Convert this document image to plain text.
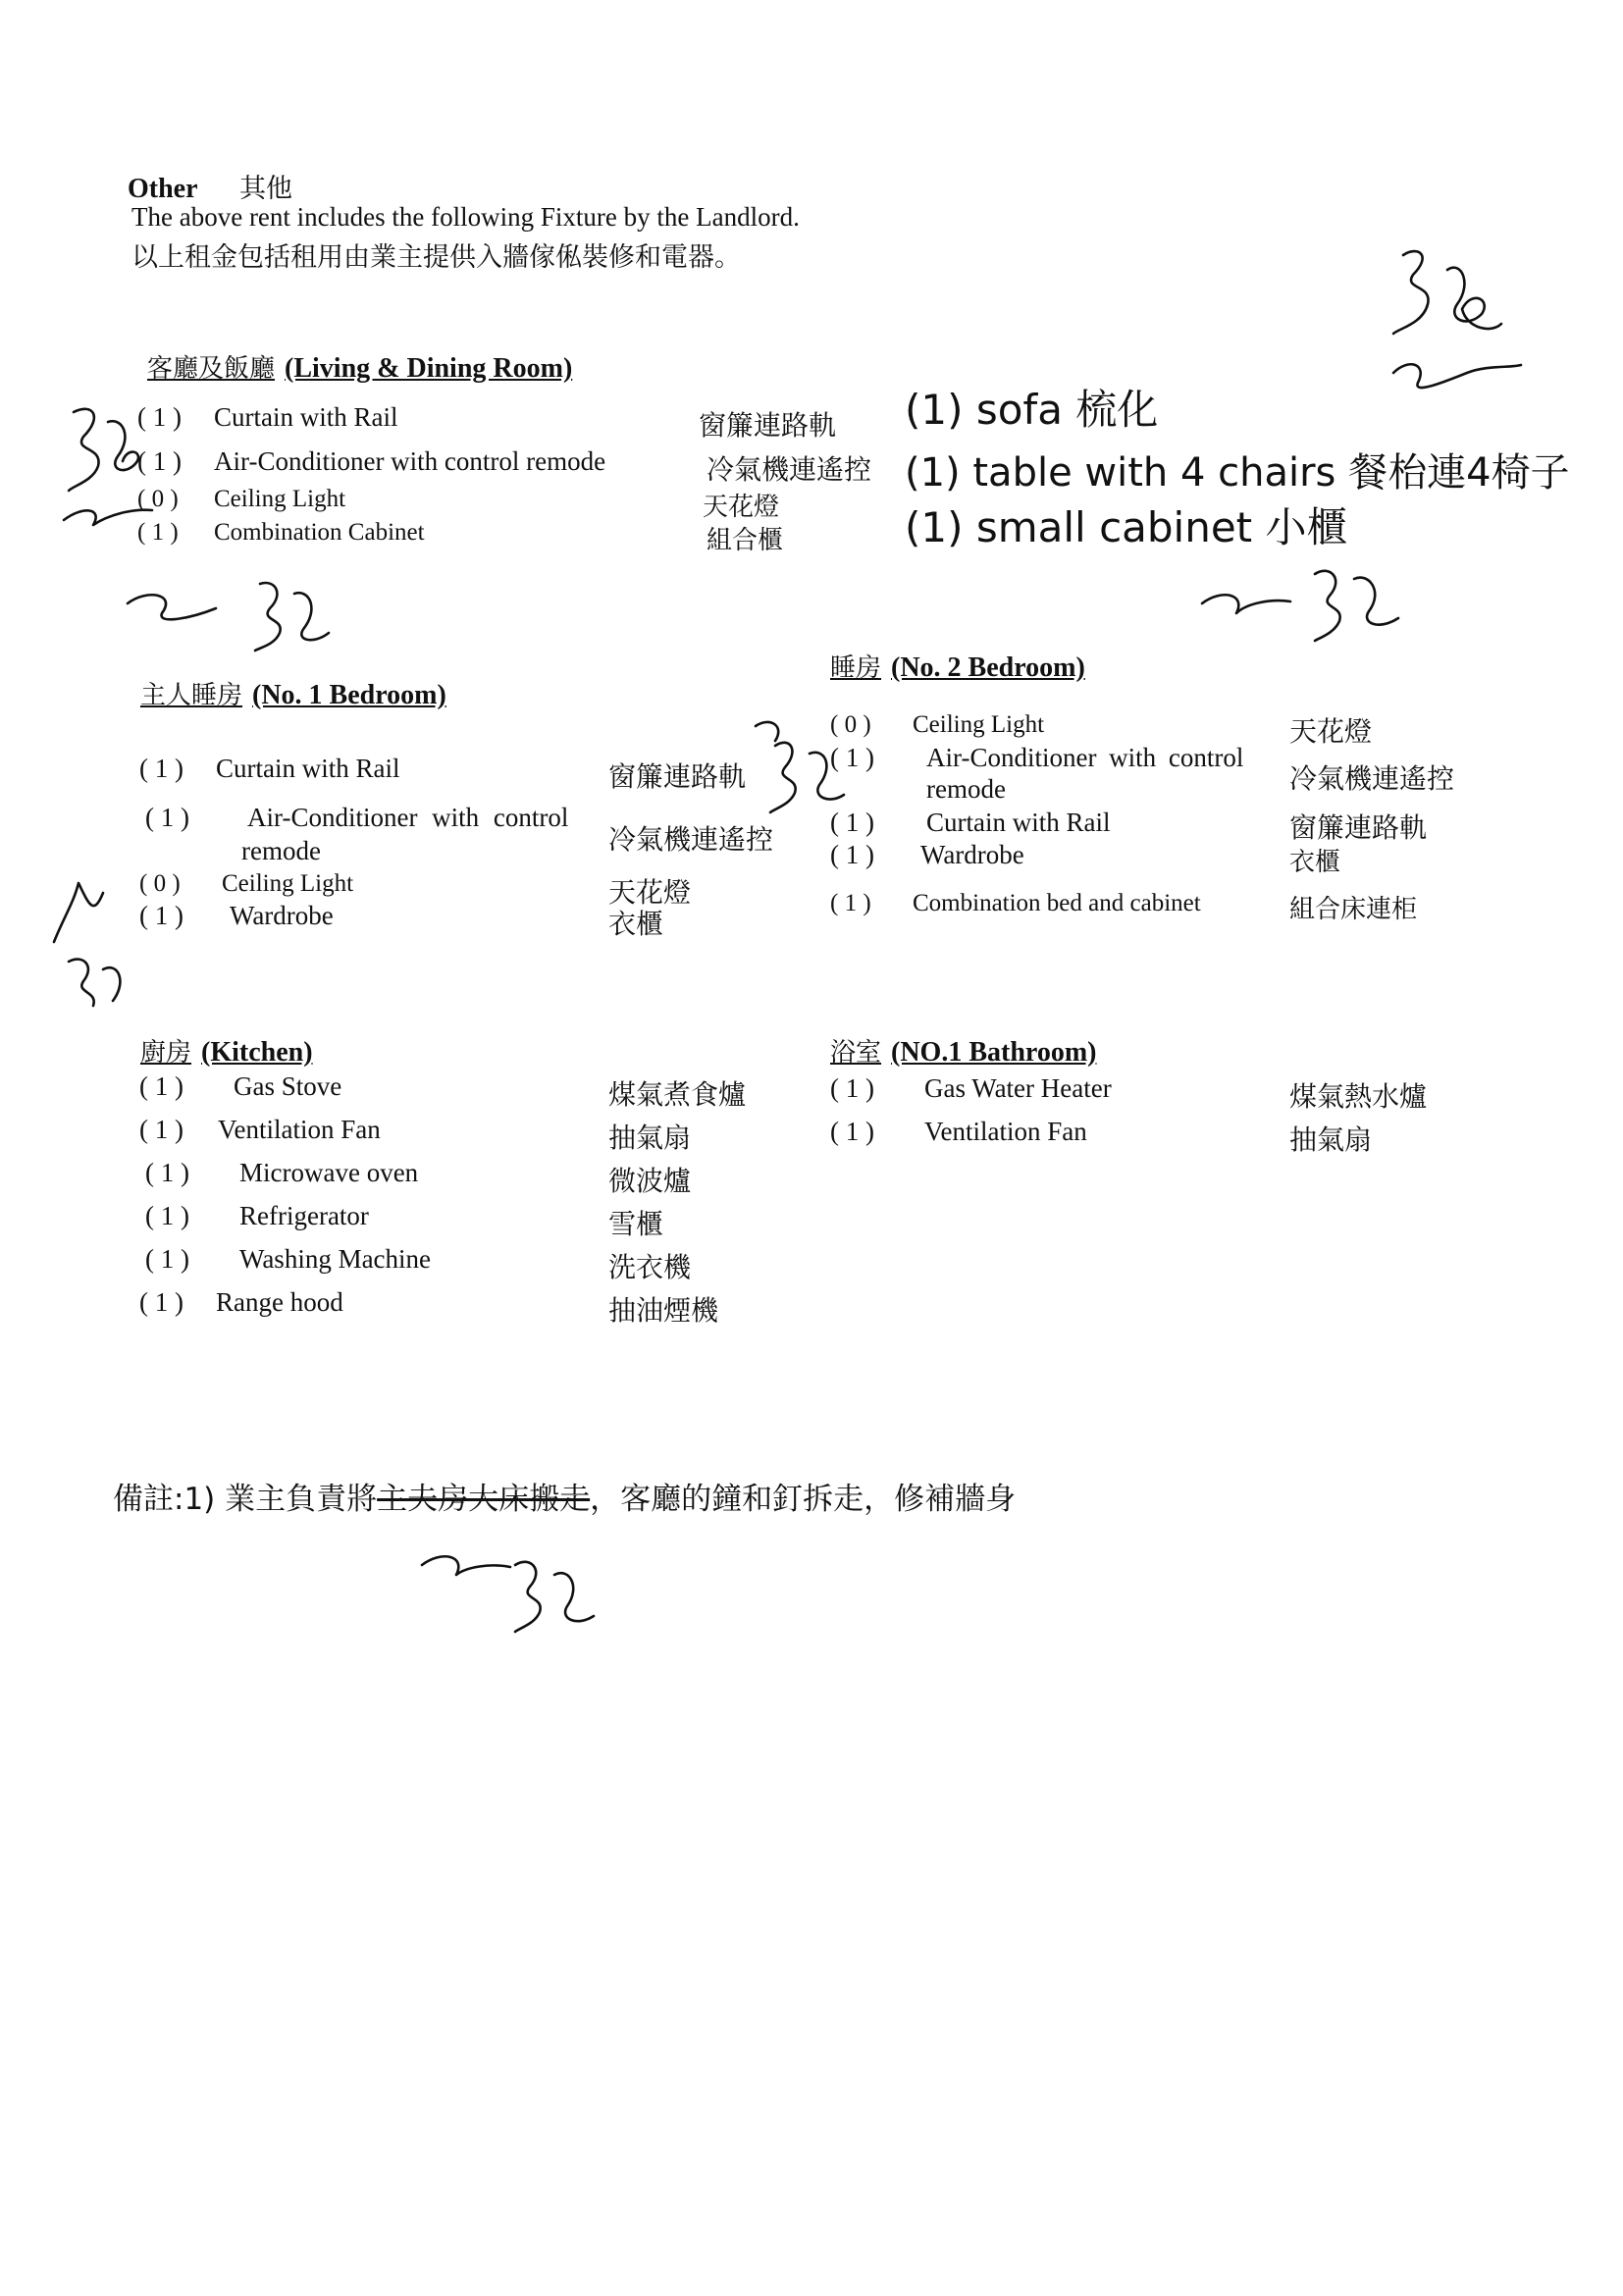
Other 其他
The above rent includes the following Fixture by the Landlord.
以上租金包括租用由業主提供入牆傢俬裝修和電器。
客廳及飯廳 (Living & Dining Room)
( 1 ) Curtain with Rail	窗簾連路軌
( 1 ) Air-Conditioner with control remode	冷氣機連遙控
( 0 ) Ceiling Light	天花燈
( 1 ) Combination Cabinet	組合櫃
(1) sofa 梳化
(1) table with 4 chairs 餐枱連4椅子
(1) small cabinet 小櫃
主人睡房 (No. 1 Bedroom)
( 1 ) Curtain with Rail	窗簾連路軌
( 1 ) Air-Conditioner with control
remode	冷氣機連遙控
( 0 ) Ceiling Light	天花燈
( 1 ) Wardrobe	衣櫃
睡房 (No. 2 Bedroom)
( 0 ) Ceiling Light	天花燈
( 1 ) Air-Conditioner with control
remode	冷氣機連遙控
( 1 ) Curtain with Rail	窗簾連路軌
( 1 ) Wardrobe	衣櫃
( 1 ) Combination bed and cabinet	組合床連柜
廚房 (Kitchen)
( 1 ) Gas Stove	煤氣煮食爐
( 1 ) Ventilation Fan	抽氣扇
( 1 ) Microwave oven	微波爐
( 1 ) Refrigerator	雪櫃
( 1 ) Washing Machine	洗衣機
( 1 ) Range hood	抽油煙機
浴室 (NO.1 Bathroom)
( 1 ) Gas Water Heater	煤氣熱水爐
( 1 ) Ventilation Fan	抽氣扇
備註:1) 業主負責將主夫房大床搬走，客廳的鐘和釘拆走，修補牆身
